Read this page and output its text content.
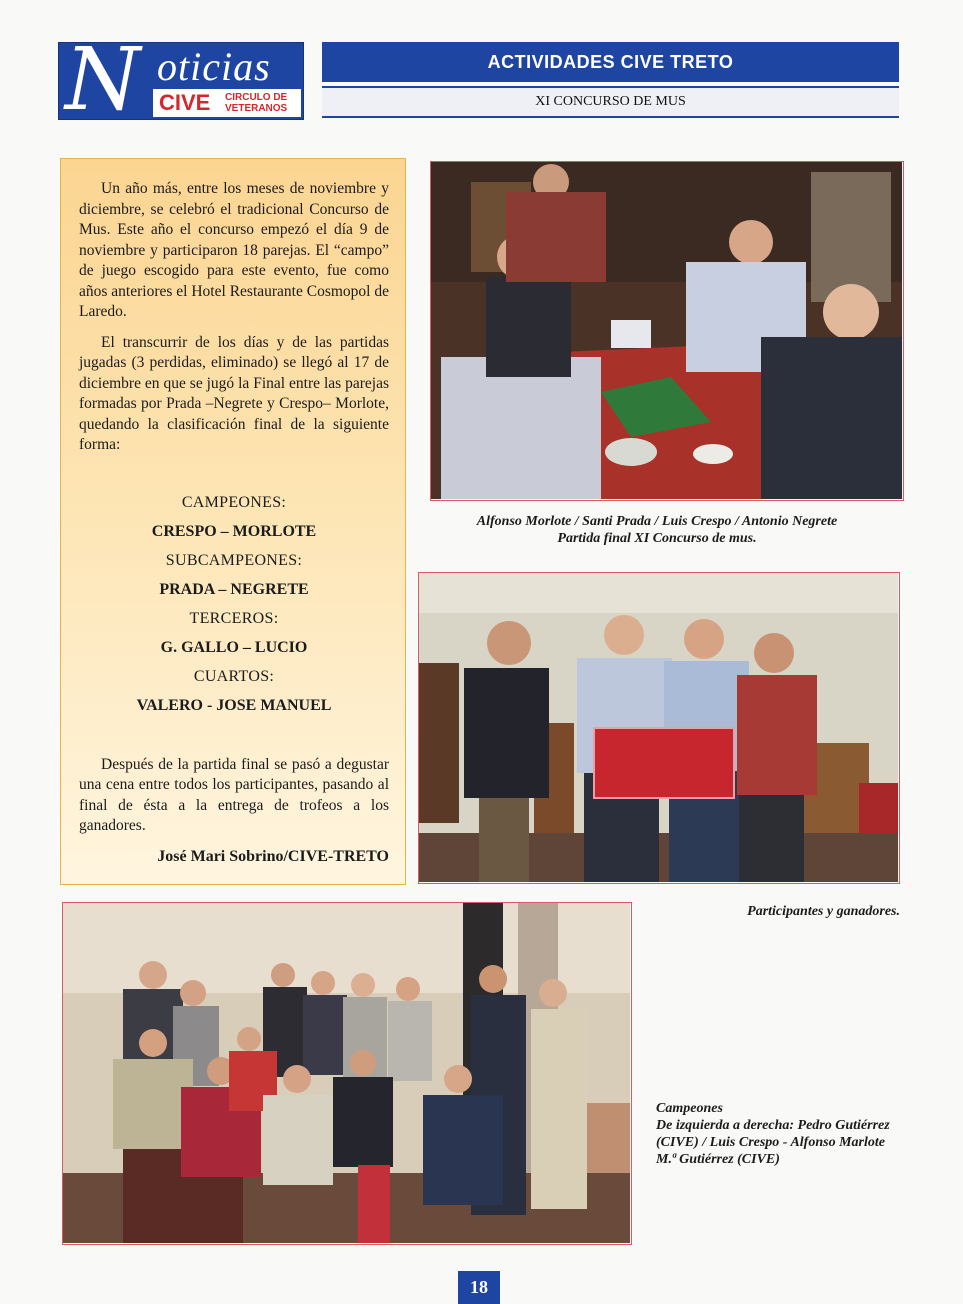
N oticias
CIVE CIRCULO DE
VETERANOS
ACTIVIDADES CIVE TRETO
XI CONCURSO DE MUS

Un año más, entre los meses de noviembre y diciembre, se celebró el tradicional Concurso de Mus. Este año el concurso empezó el día 9 de noviembre y participaron 18 parejas. El “campo” de juego escogido para este evento, fue como años anteriores el Hotel Restaurante Cosmopol de Laredo.

El transcurrir de los días y de las partidas jugadas (3 perdidas, eliminado) se llegó al 17 de diciembre en que se jugó la Final entre las parejas formadas por Prada –Negrete y Crespo– Morlote, quedando la clasificación final de la siguiente forma:

CAMPEONES:
CRESPO – MORLOTE
SUBCAMPEONES:
PRADA – NEGRETE
TERCEROS:
G. GALLO – LUCIO
CUARTOS:
VALERO - JOSE MANUEL

Después de la partida final se pasó a degustar una cena entre todos los participantes, pasando al final de ésta a la entrega de trofeos a los ganadores.

José Mari Sobrino/CIVE-TRETO
Alfonso Morlote / Santi Prada / Luis Crespo / Antonio Negrete
Partida final XI Concurso de mus.
Participantes y ganadores.
Campeones
De izquierda a derecha: Pedro Gutiérrez (CIVE) / Luis Crespo - Alfonso Marlote M.ª Gutiérrez (CIVE)
18
